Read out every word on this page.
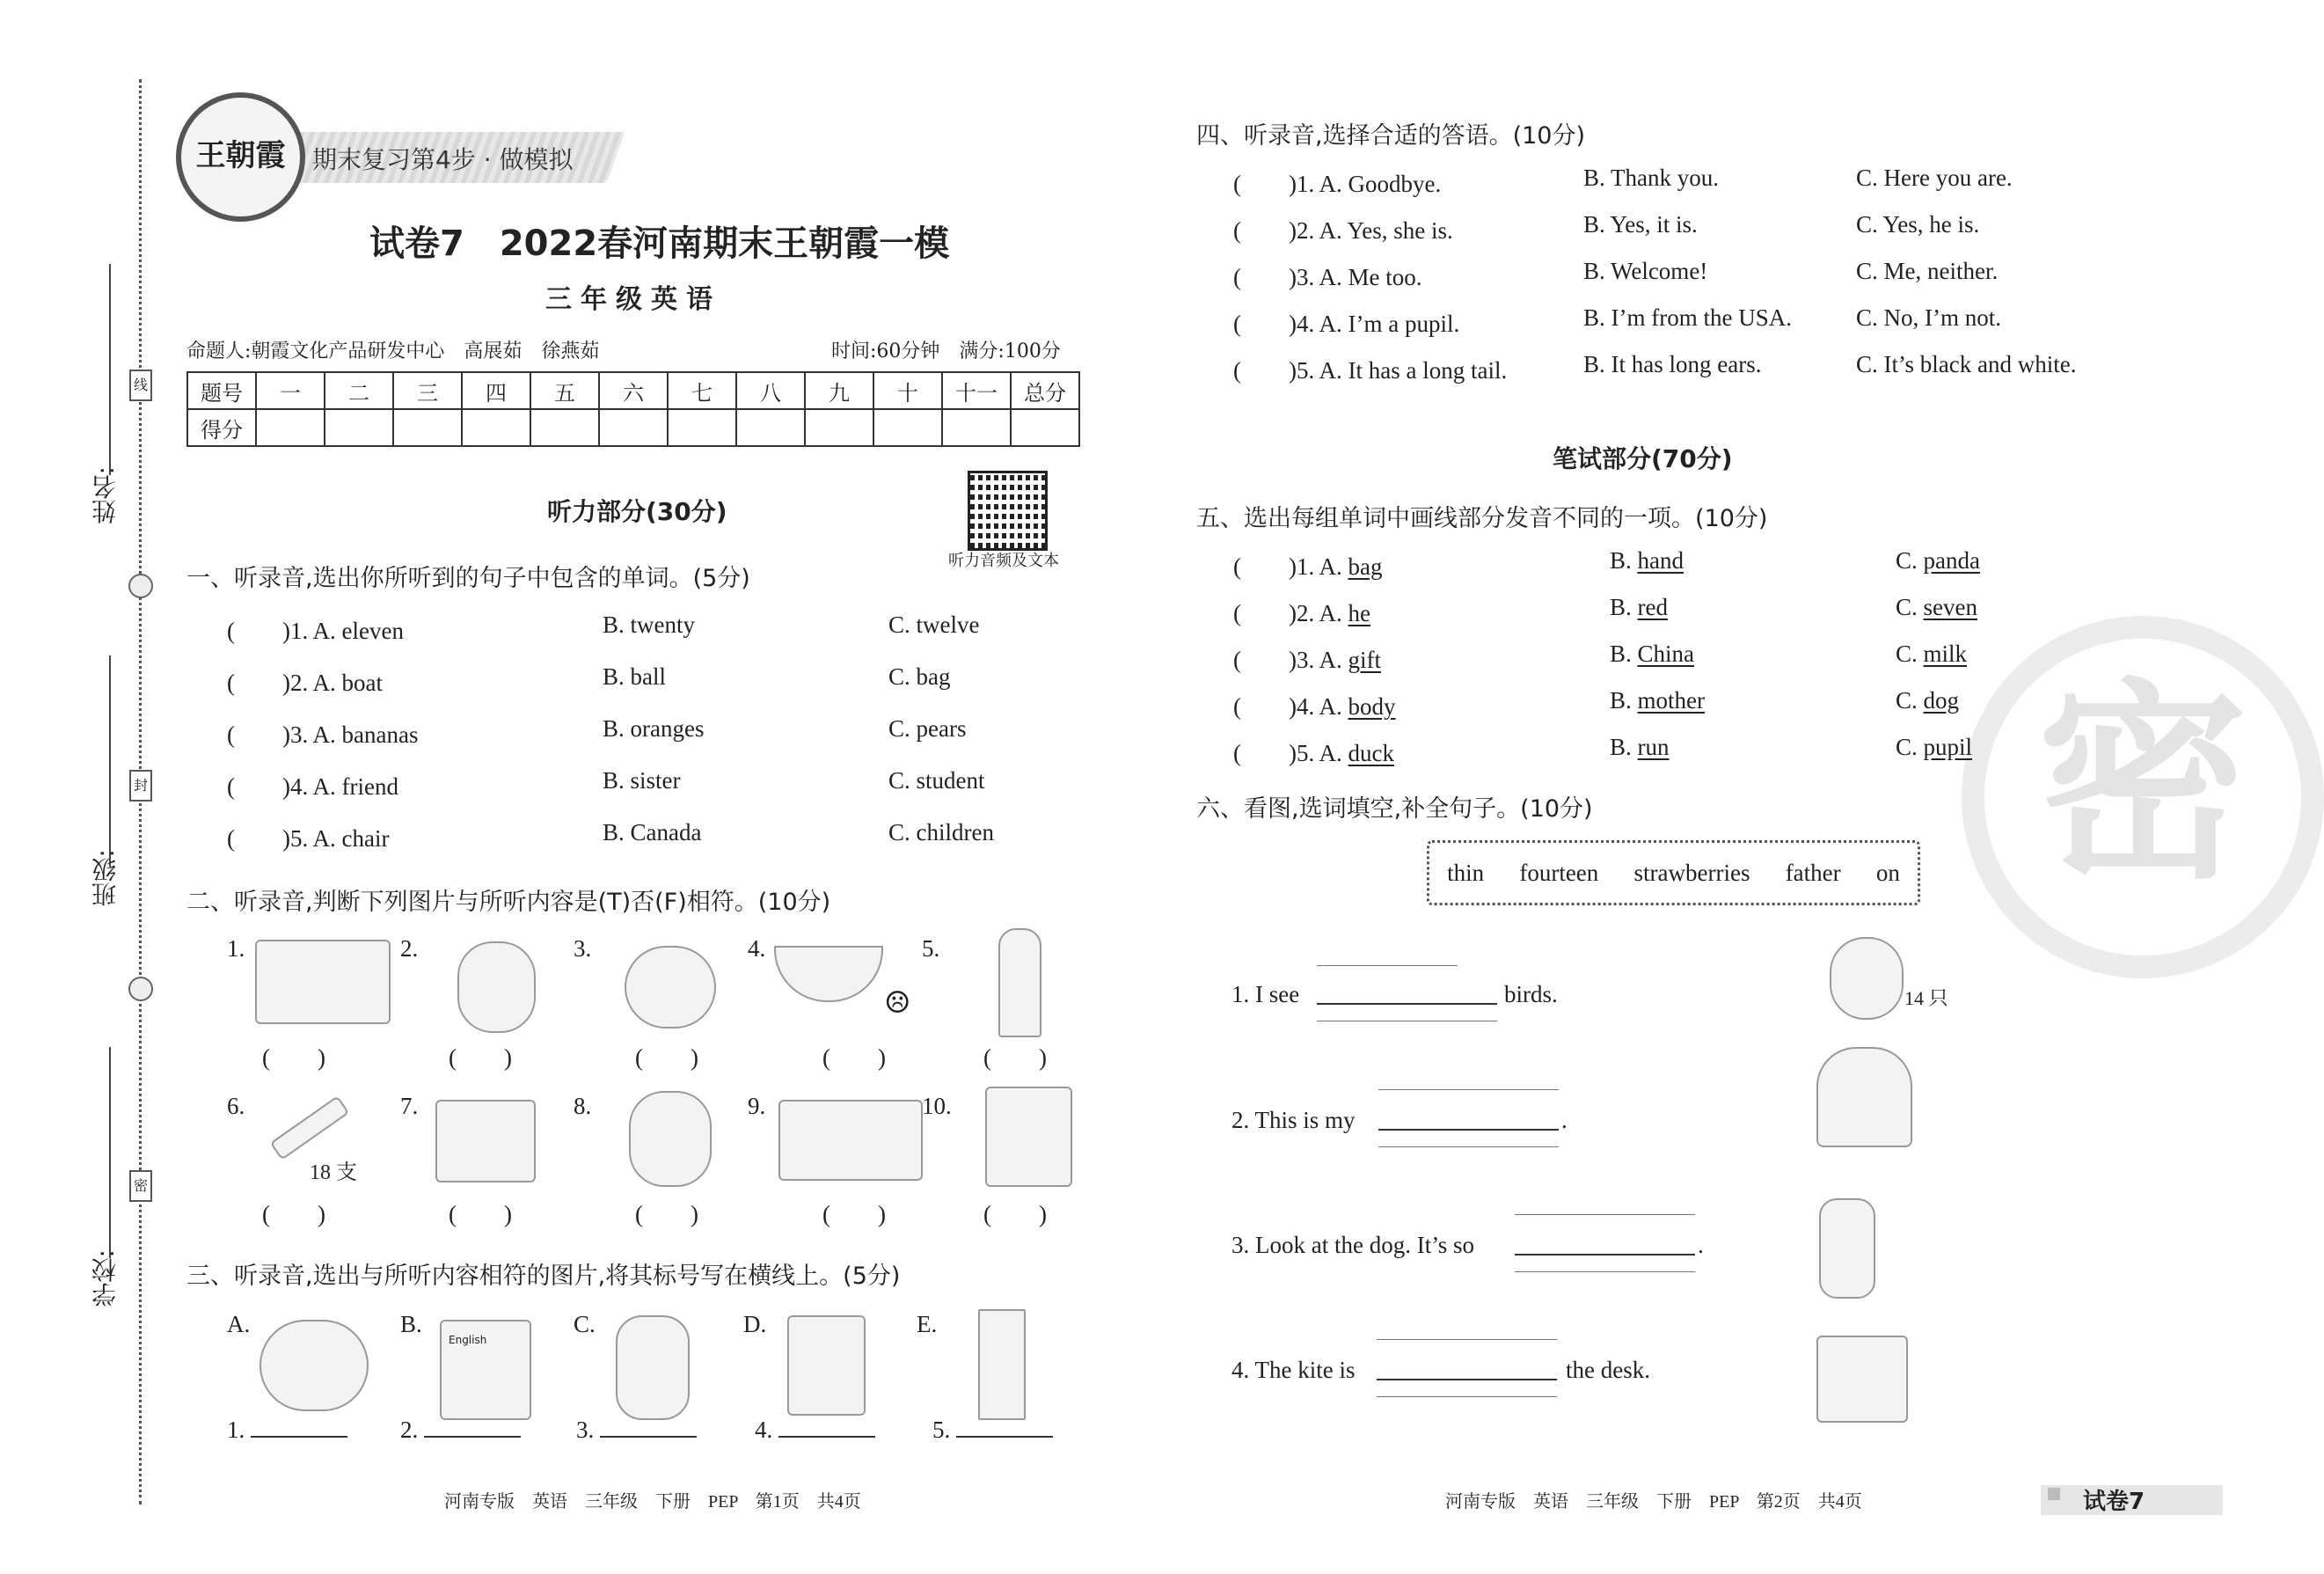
姓名:
班级:
学校:
线
封
密
期末复习第4步 · 做模拟
王朝霞
试卷7　2022春河南期末王朝霞一模
三年级英语
命题人:朝霞文化产品研发中心　高展茹　徐燕茹	时间:60分钟　满分:100分
题号	一	二	三	四	五	六	七	八	九	十	十一	总分
得分												
听力部分(30分)
听力音频及文本
一、听录音,选出你所听到的句子中包含的单词。(5分)
(　　)1. A. eleven	B. twenty	C. twelve
(　　)2. A. boat	B. ball	C. bag
(　　)3. A. bananas	B. oranges	C. pears
(　　)4. A. friend	B. sister	C. student
(　　)5. A. chair	B. Canada	C. children
二、听录音,判断下列图片与所听内容是(T)否(F)相符。(10分)
1.
(　　)
2.
(　　)
3.
(　　)
4.
☹
(　　)
5.
(　　)
6.
18 支
(　　)
7.
(　　)
8.
(　　)
9.
(　　)
10.
(　　)
三、听录音,选出与所听内容相符的图片,将其标号写在横线上。(5分)
A.	B.
English
C.	D.	E.
1.	2.	3.	4.	5.
河南专版　英语　三年级　下册　PEP　第1页　共4页
密
四、听录音,选择合适的答语。(10分)
(　　)1. A. Goodbye.	B. Thank you.	C. Here you are.
(　　)2. A. Yes, she is.	B. Yes, it is.	C. Yes, he is.
(　　)3. A. Me too.	B. Welcome!	C. Me, neither.
(　　)4. A. I’m a pupil.	B. I’m from the USA.	C. No, I’m not.
(　　)5. A. It has a long tail.	B. It has long ears.	C. It’s black and white.
笔试部分(70分)
五、选出每组单词中画线部分发音不同的一项。(10分)
(　　)1. A. bag	B. hand	C. panda
(　　)2. A. he	B. red	C. seven
(　　)3. A. gift	B. China	C. milk
(　　)4. A. body	B. mother	C. dog
(　　)5. A. duck	B. run	C. pupil
六、看图,选词填空,补全句子。(10分)
thin fourteen strawberries father on
1. I see	birds.	14 只
2. This is my	.
3. Look at the dog. It’s so	.
4. The kite is	the desk.
河南专版　英语　三年级　下册　PEP　第2页　共4页	试卷7
